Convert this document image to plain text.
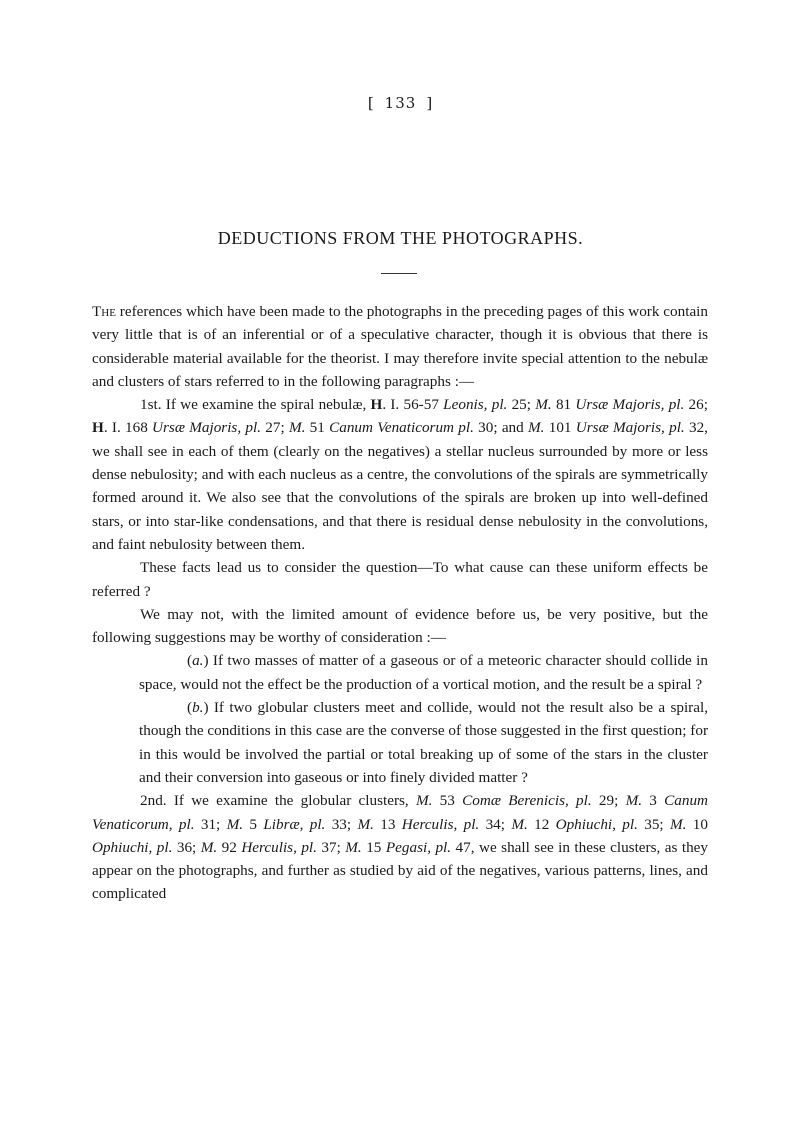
[ 133 ]
DEDUCTIONS FROM THE PHOTOGRAPHS.

The references which have been made to the photographs in the preceding pages of this work contain very little that is of an inferential or of a speculative character, though it is obvious that there is considerable material available for the theorist. I may therefore invite special attention to the nebulæ and clusters of stars referred to in the following paragraphs :—

1st. If we examine the spiral nebulæ, H. I. 56-57 Leonis, pl. 25; M. 81 Ursæ Majoris, pl. 26; H. I. 168 Ursæ Majoris, pl. 27; M. 51 Canum Venaticorum pl. 30; and M. 101 Ursæ Majoris, pl. 32, we shall see in each of them (clearly on the negatives) a stellar nucleus surrounded by more or less dense nebulosity; and with each nucleus as a centre, the convolutions of the spirals are symmetrically formed around it. We also see that the convolutions of the spirals are broken up into well-defined stars, or into star-like condensations, and that there is residual dense nebulosity in the convolutions, and faint nebulosity between them.

These facts lead us to consider the question—To what cause can these uniform effects be referred ?

We may not, with the limited amount of evidence before us, be very positive, but the following suggestions may be worthy of consideration :—

(a.) If two masses of matter of a gaseous or of a meteoric character should collide in space, would not the effect be the production of a vortical motion, and the result be a spiral ?

(b.) If two globular clusters meet and collide, would not the result also be a spiral, though the conditions in this case are the converse of those suggested in the first question; for in this would be involved the partial or total breaking up of some of the stars in the cluster and their conversion into gaseous or into finely divided matter ?

2nd. If we examine the globular clusters, M. 53 Comæ Berenicis, pl. 29; M. 3 Canum Venaticorum, pl. 31; M. 5 Libræ, pl. 33; M. 13 Herculis, pl. 34; M. 12 Ophiuchi, pl. 35; M. 10 Ophiuchi, pl. 36; M. 92 Herculis, pl. 37; M. 15 Pegasi, pl. 47, we shall see in these clusters, as they appear on the photographs, and further as studied by aid of the negatives, various patterns, lines, and complicated
